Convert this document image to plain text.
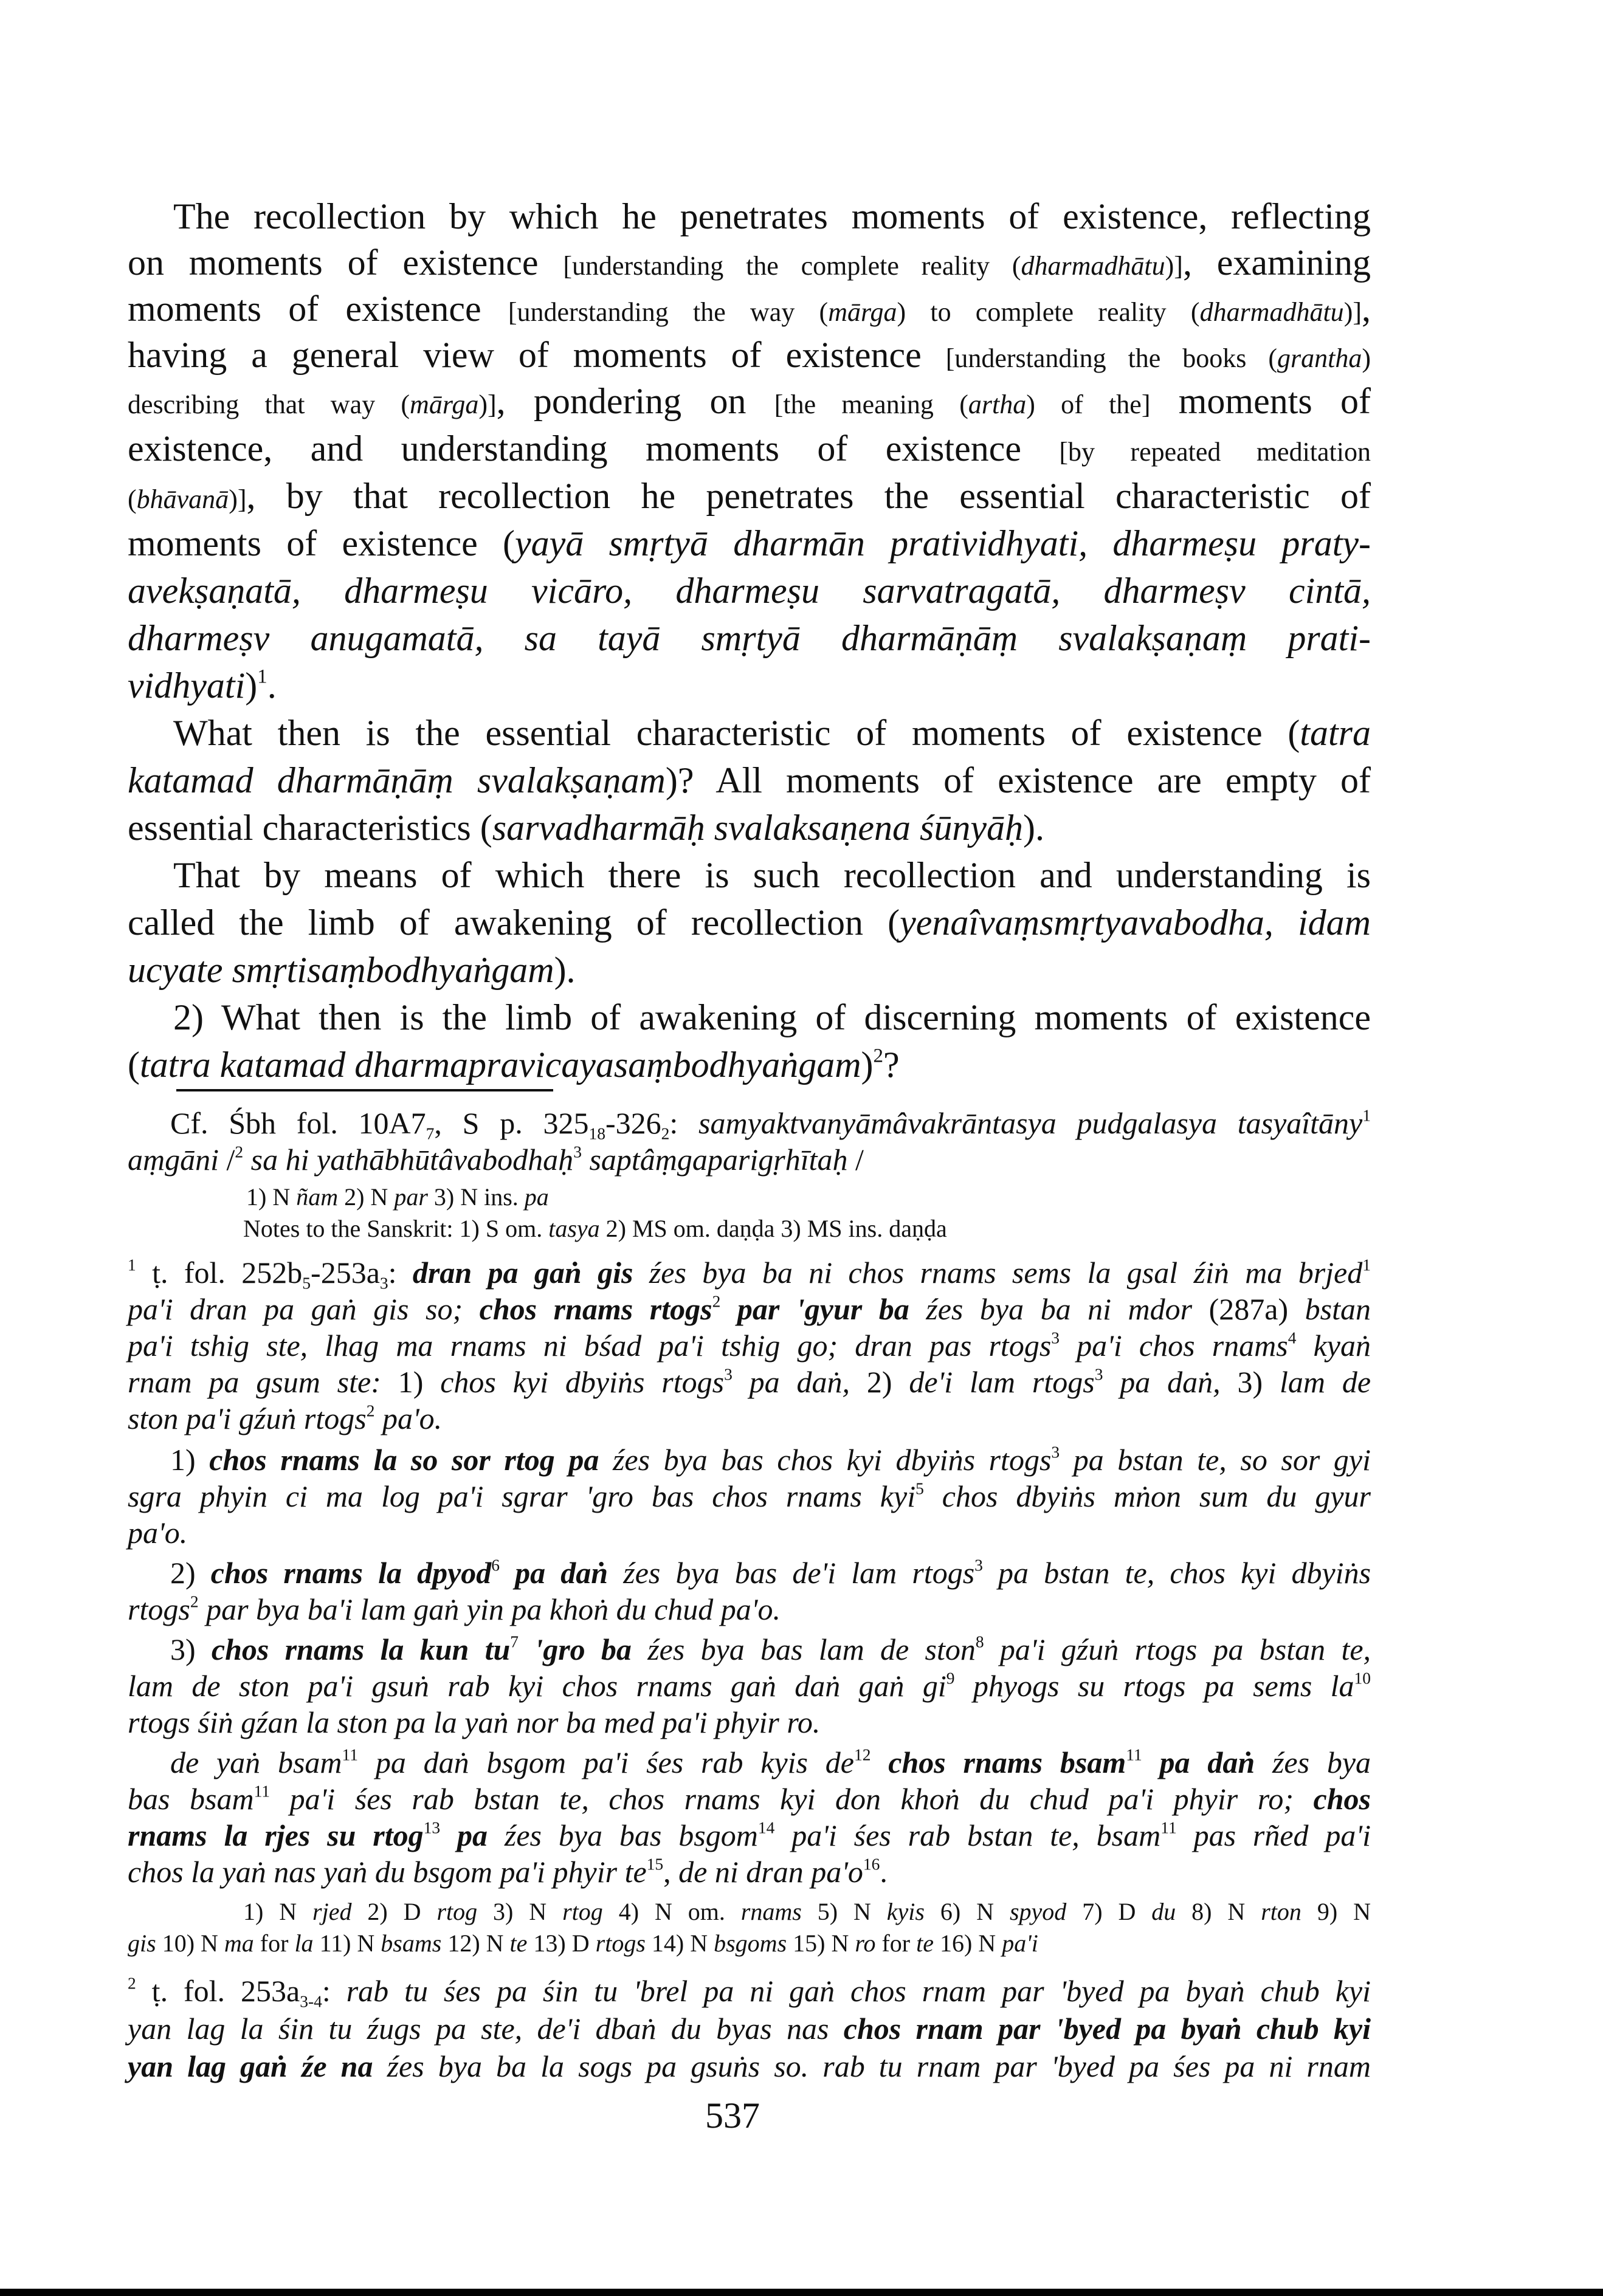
The recollection by which he penetrates moments of existence, reflecting
on moments of existence [understanding the complete reality (dharmadhātu)], examining
moments of existence [understanding the way (mārga) to complete reality (dharmadhātu)],
having a general view of moments of existence [understanding the books (grantha)
describing that way (mārga)], pondering on [the meaning (artha) of the] moments of
existence, and understanding moments of existence [by repeated meditation
(bhāvanā)], by that recollection he penetrates the essential characteristic of
moments of existence (yayā smṛtyā dharmān pratividhyati, dharmeṣu praty-
avekṣaṇatā, dharmeṣu vicāro, dharmeṣu sarvatragatā, dharmeṣv cintā,
dharmeṣv anugamatā, sa tayā smṛtyā dharmāṇāṃ svalakṣaṇaṃ prati-
vidhyati)$^1$.
What then is the essential characteristic of moments of existence (tatra
katamad dharmāṇāṃ svalakṣaṇam)? All moments of existence are empty of
essential characteristics (sarvadharmāḥ svalaksaṇena śūnyāḥ).
That by means of which there is such recollection and understanding is
called the limb of awakening of recollection (yenaîvaṃsmṛtyavabodha, idam
ucyate smṛtisaṃbodhyaṅgam).
2) What then is the limb of awakening of discerning moments of existence
(tatra katamad dharmapravicayasaṃbodhyaṅgam)$^2$?
Cf. Śbh fol. $10A7_7$, S p. $325_{18}-326_2$: samyaktvanyāmâvakrāntasya pudgalasya tasyaîtāny$^1$
aṃgāni /$^2$ sa hi yathābhūtâvabodhaḥ$^3$ saptâṃgaparigṛhītaḥ /
1) N ñam 2) N par 3) N ins. pa
Notes to the Sanskrit: 1) S om. tasya 2) MS om. daṇḍa 3) MS ins. daṇḍa
$^1$ ṭ. fol. $252b_5-253a_3$: dran pa gaṅ gis źes bya ba ni chos rnams sems la gsal źiṅ ma brjed$^1$
pa'i dran pa gaṅ gis so; chos rnams rtogs$^2$ par 'gyur ba źes bya ba ni mdor (287a) bstan
pa'i tshig ste, lhag ma rnams ni bśad pa'i tshig go; dran pas rtogs$^3$ pa'i chos rnams$^4$ kyaṅ
rnam pa gsum ste: 1) chos kyi dbyiṅs rtogs$^3$ pa daṅ, 2) de'i lam rtogs$^3$ pa daṅ, 3) lam de
ston pa'i gźuṅ rtogs$^2$ pa'o.
1) chos rnams la so sor rtog pa źes bya bas chos kyi dbyiṅs rtogs$^3$ pa bstan te, so sor gyi
sgra phyin ci ma log pa'i sgrar 'gro bas chos rnams kyi$^5$ chos dbyiṅs mṅon sum du gyur
pa'o.
2) chos rnams la dpyod$^6$ pa daṅ źes bya bas de'i lam rtogs$^3$ pa bstan te, chos kyi dbyiṅs
rtogs$^2$ par bya ba'i lam gaṅ yin pa khoṅ du chud pa'o.
3) chos rnams la kun $tu^7$ 'gro ba źes bya bas lam de ston$^8$ pa'i gźuṅ rtogs pa bstan te,
lam de ston pa'i gsuṅ rab kyi chos rnams gaṅ daṅ gaṅ $gi^9$ phyogs su rtogs pa sems $la^{10}$
rtogs śiṅ gźan la ston pa la yaṅ nor ba med pa'i phyir ro.
de yaṅ bsam$^{11}$ pa daṅ bsgom pa'i śes rab kyis $de^{12}$ chos rnams bsam$^{11}$ pa daṅ źes bya
bas bsam$^{11}$ pa'i śes rab bstan te, chos rnams kyi don khoṅ du chud pa'i phyir ro; chos
rnams la rjes su rtog$^{13}$ pa źes bya bas bsgom$^{14}$ pa'i śes rab bstan te, bsam$^{11}$ pas rñed pa'i
chos la yaṅ nas yaṅ du bsgom pa'i phyir $te^{15}$, de ni dran $pa'o^{16}$.
1) N rjed 2) D rtog 3) N rtog 4) N om. rnams 5) N kyis 6) N spyod 7) D du 8) N rton 9) N
gis 10) N ma for la 11) N bsams 12) N te 13) D rtogs 14) N bsgoms 15) N ro for te 16) N pa'i
$^2$ ṭ. fol. $253a_{3-4}$: rab tu śes pa śin tu 'brel pa ni gaṅ chos rnam par 'byed pa byaṅ chub kyi
yan lag la śin tu źugs pa ste, de'i dbaṅ du byas nas chos rnam par 'byed pa byaṅ chub kyi
yan lag gaṅ źe na źes bya ba la sogs pa gsuṅs so. rab tu rnam par 'byed pa śes pa ni rnam
537
